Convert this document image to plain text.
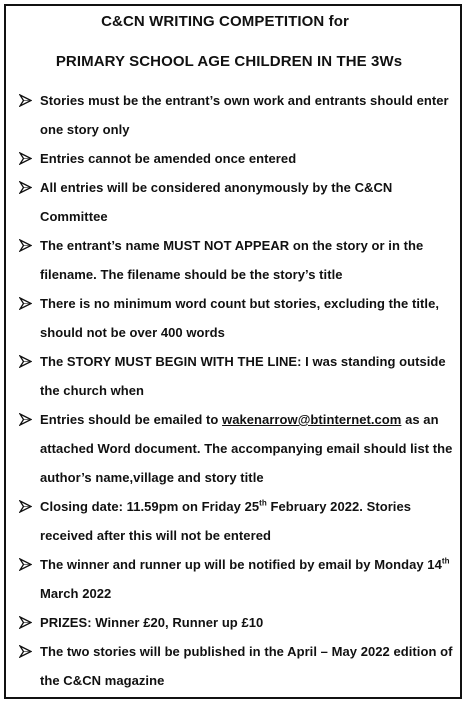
C&CN WRITING COMPETITION for
PRIMARY SCHOOL AGE CHILDREN IN THE 3Ws
Stories must be the entrant’s own work and entrants should enter one story only
Entries cannot be amended once entered
All entries will be considered anonymously by the C&CN Committee
The entrant’s name MUST NOT APPEAR on the story or in the filename. The filename should be the story’s title
There is no minimum word count but stories, excluding the title, should not be over 400 words
The STORY MUST BEGIN WITH THE LINE: I was standing outside the church when
Entries should be emailed to wakenarrow@btinternet.com as an attached Word document. The accompanying email should list the author’s name,village and story title
Closing date: 11.59pm on Friday 25th February 2022. Stories received after this will not be entered
The winner and runner up will be notified by email by Monday 14th March 2022
PRIZES: Winner £20, Runner up £10
The two stories will be published in the April – May 2022 edition of the C&CN magazine
